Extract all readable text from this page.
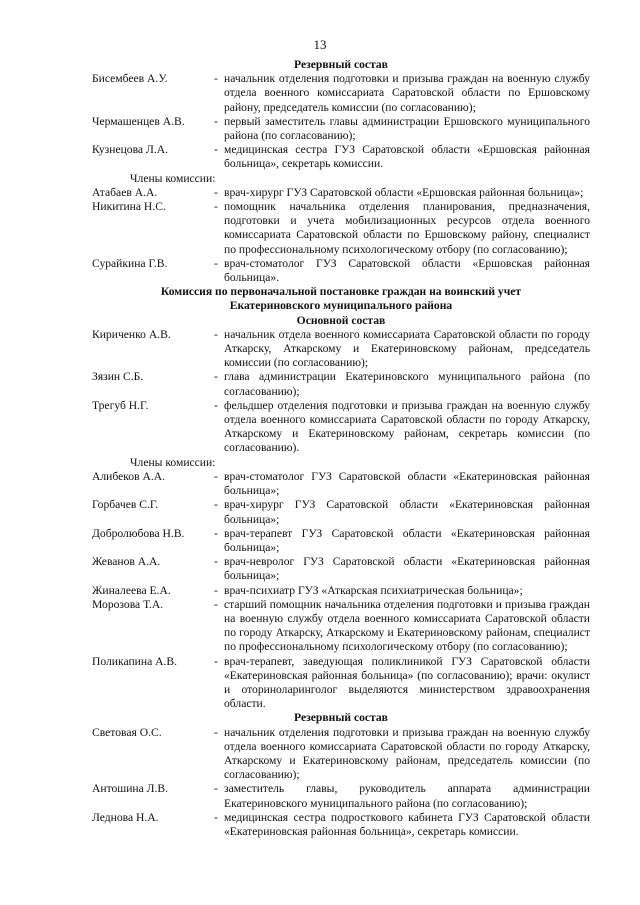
13
Резервный состав
Бисембеев А.У.	- начальник отделения подготовки и призыва граждан на военную службу отдела военного комиссариата Саратовской области по Ершовскому району, председатель комиссии (по согласованию);
Чермашенцев А.В.	- первый заместитель главы администрации Ершовского муниципального района (по согласованию);
Кузнецова Л.А.	- медицинская сестра ГУЗ Саратовской области «Ершовская районная больница», секретарь комиссии.
Члены комиссии:
Атабаев А.А.	- врач-хирург ГУЗ Саратовской области «Ершовская районная больница»;
Никитина Н.С.	- помощник начальника отделения планирования, предназначения, подготовки и учета мобилизационных ресурсов отдела военного комиссариата Саратовской области по Ершовскому району, специалист по профессиональному психологическому отбору (по согласованию);
Сурайкина Г.В.	- врач-стоматолог ГУЗ Саратовской области «Ершовская районная больница».
Комиссия по первоначальной постановке граждан на воинский учет
Екатериновского муниципального района
Основной состав
Кириченко А.В.	- начальник отдела военного комиссариата Саратовской области по городу Аткарску, Аткарскому и Екатериновскому районам, председатель комиссии (по согласованию);
Зязин С.Б.	- глава администрации Екатериновского муниципального района (по согласованию);
Трегуб Н.Г.	- фельдшер отделения подготовки и призыва граждан на военную службу отдела военного комиссариата Саратовской области по городу Аткарску, Аткарскому и Екатериновскому районам, секретарь комиссии (по согласованию).
Члены комиссии:
Алибеков А.А.	- врач-стоматолог ГУЗ Саратовской области «Екатериновская районная больница»;
Горбачев С.Г.	- врач-хирург ГУЗ Саратовской области «Екатериновская районная больница»;
Добролюбова Н.В.	- врач-терапевт ГУЗ Саратовской области «Екатериновская районная больница»;
Жеванов А.А.	- врач-невролог ГУЗ Саратовской области «Екатериновская районная больница»;
Жиналеева Е.А.	- врач-психиатр ГУЗ «Аткарская психиатрическая больница»;
Морозова Т.А.	- старший помощник начальника отделения подготовки и призыва граждан на военную службу отдела военного комиссариата Саратовской области по городу Аткарску, Аткарскому и Екатериновскому районам, специалист по профессиональному психологическому отбору (по согласованию);
Поликапина А.В.	- врач-терапевт, заведующая поликлиникой ГУЗ Саратовской области «Екатериновская районная больница» (по согласованию); врачи: окулист и оториноларинголог выделяются министерством здравоохранения области.
Резервный состав
Световая О.С.	- начальник отделения подготовки и призыва граждан на военную службу отдела военного комиссариата Саратовской области по городу Аткарску, Аткарскому и Екатериновскому районам, председатель комиссии (по согласованию);
Антошина Л.В.	- заместитель главы, руководитель аппарата администрации Екатериновского муниципального района (по согласованию);
Леднова Н.А.	- медицинская сестра подросткового кабинета ГУЗ Саратовской области «Екатериновская районная больница», секретарь комиссии.
